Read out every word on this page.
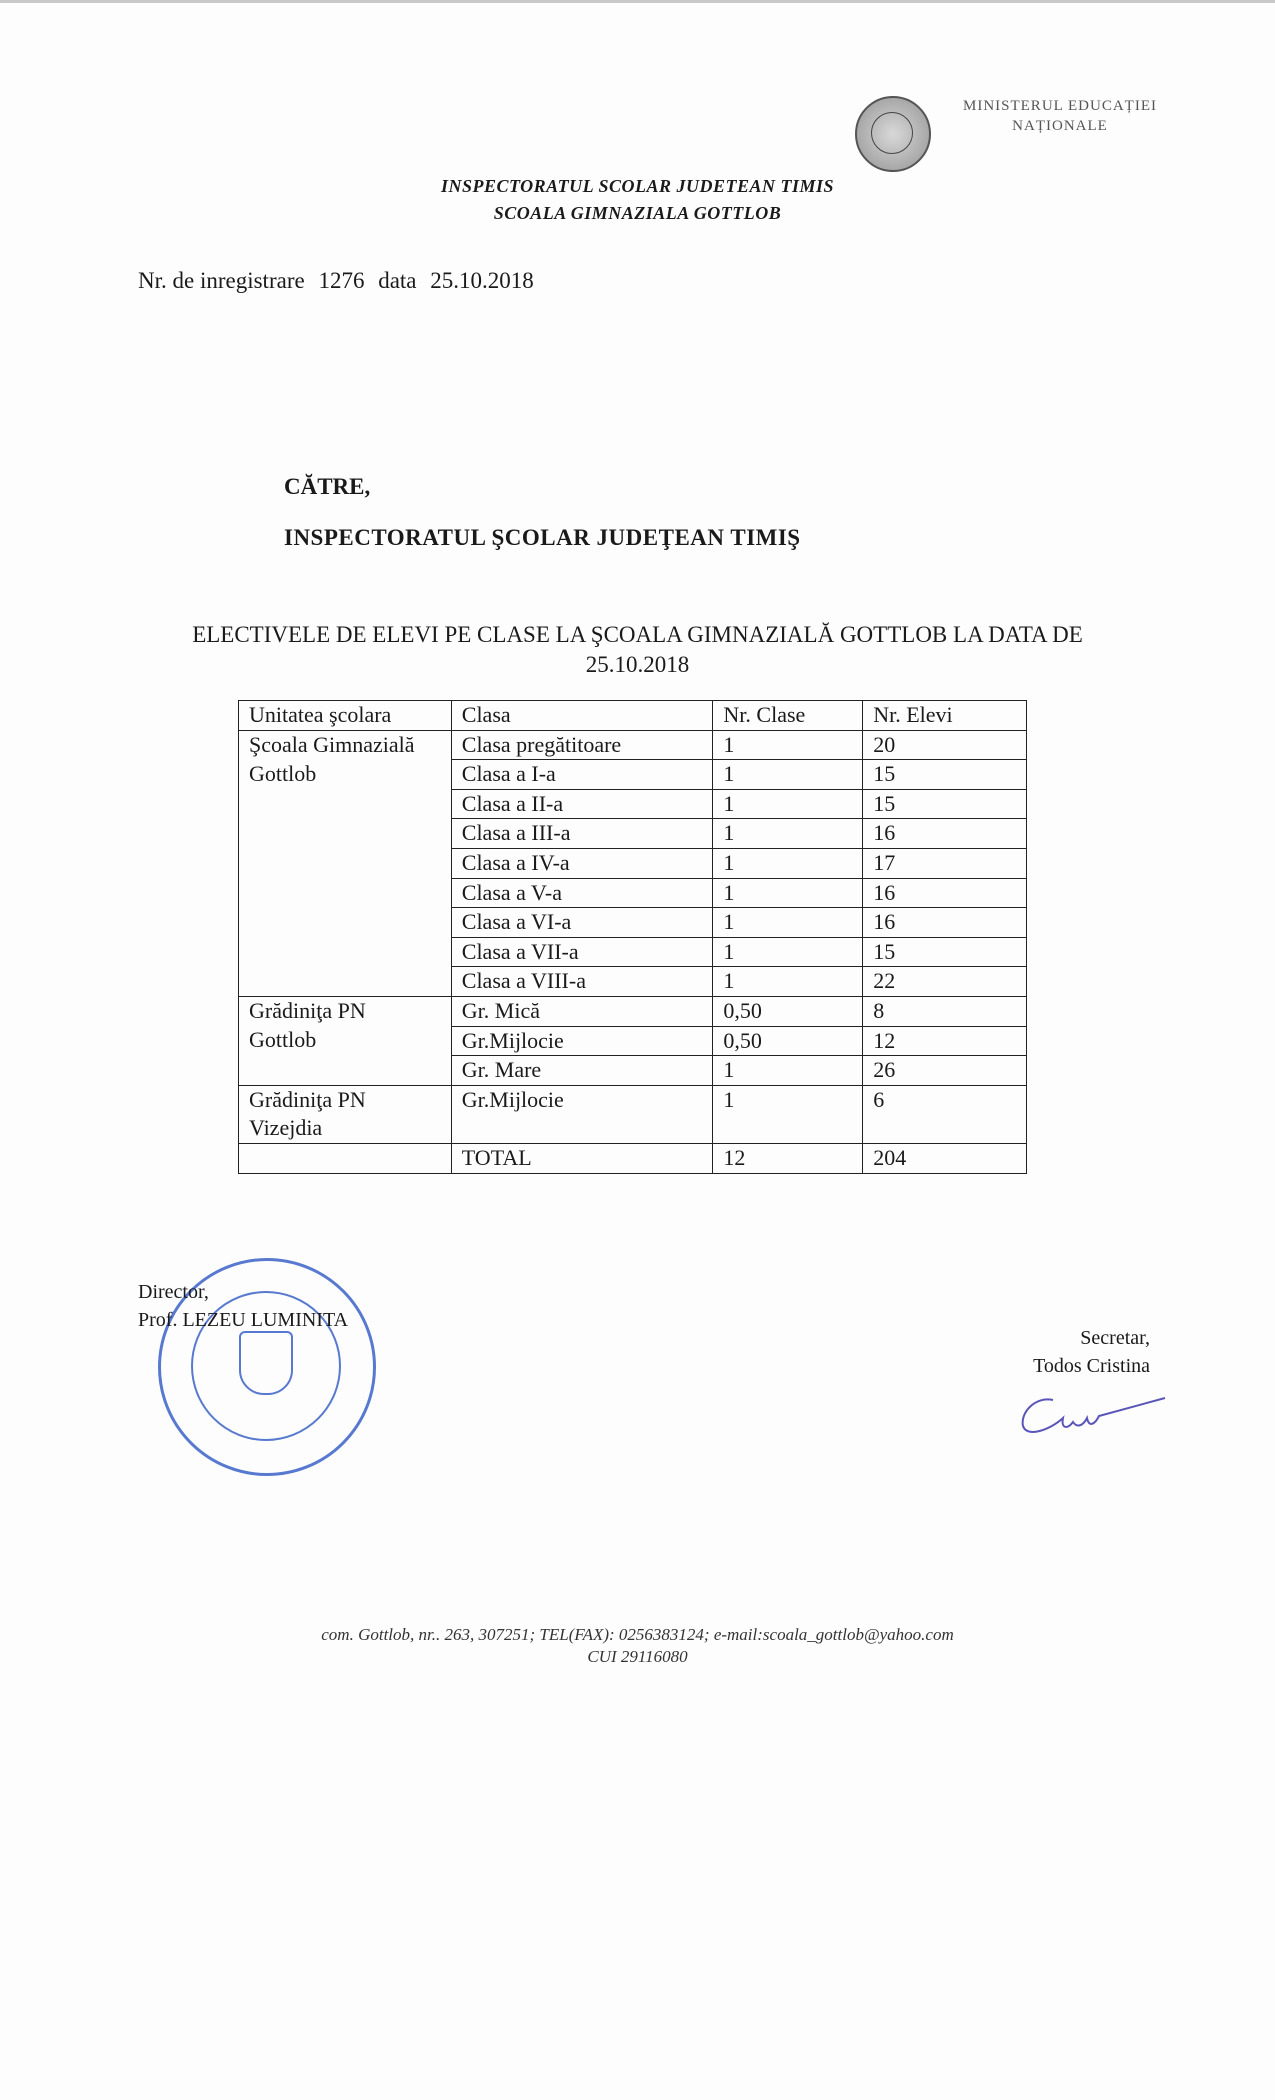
MINISTERUL EDUCAȚIEI
NAȚIONALE
INSPECTORATUL SCOLAR JUDETEAN TIMIS
SCOALA GIMNAZIALA GOTTLOB
Nr. de inregistrare 1276 data 25.10.2018
CĂTRE,
INSPECTORATUL ŞCOLAR JUDEŢEAN TIMIŞ
ELECTIVELE DE ELEVI PE CLASE LA ŞCOALA GIMNAZIALĂ GOTTLOB LA DATA DE
25.10.2018
Unitatea şcolara	Clasa	Nr. Clase	Nr. Elevi
Şcoala Gimnazială	Clasa pregătitoare	1	20
Gottlob	Clasa a I-a	1	15
	Clasa a II-a	1	15
	Clasa a III-a	1	16
	Clasa a IV-a	1	17
	Clasa a V-a	1	16
	Clasa a VI-a	1	16
	Clasa a VII-a	1	15
	Clasa a VIII-a	1	22
Grădiniţa PN	Gr. Mică	0,50	8
Gottlob	Gr.Mijlocie	0,50	12
	Gr. Mare	1	26
Grădiniţa PN	Gr.Mijlocie	1	6
Vizejdia			
	TOTAL	12	204
Director,
Prof. LEZEU LUMINITA
Secretar,
Todos Cristina
com. Gottlob, nr.. 263, 307251; TEL(FAX): 0256383124; e-mail:scoala_gottlob@yahoo.com
CUI 29116080
